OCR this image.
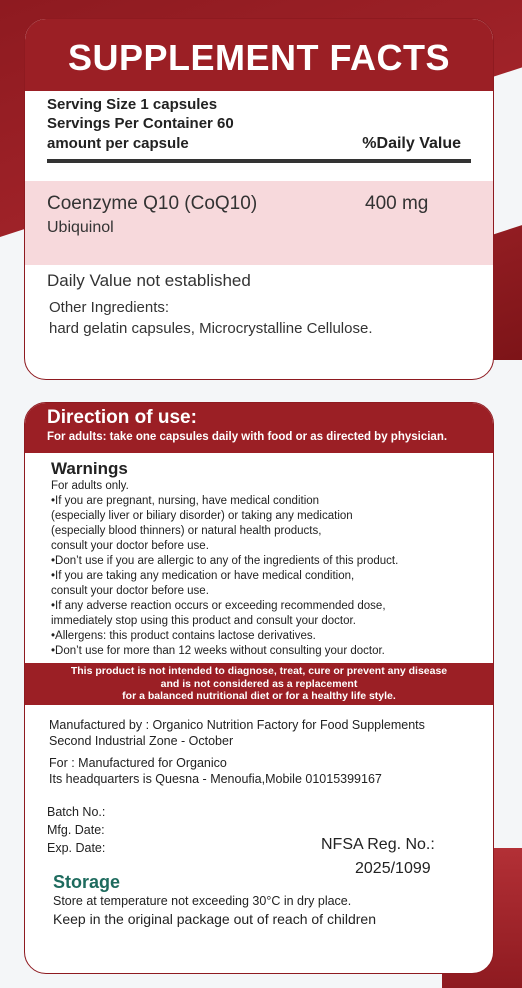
SUPPLEMENT FACTS
Serving Size 1 capsules
Servings Per Container 60
amount per capsule	%Daily Value
Coenzyme Q10 (CoQ10)
Ubiquinol
400 mg
Daily Value not established
Other Ingredients:
hard gelatin capsules, Microcrystalline Cellulose.
Direction of use:
For adults: take one capsules daily with food or as directed by physician.
Warnings
For adults only.
•If you are pregnant, nursing, have medical condition
(especially liver or biliary disorder) or taking any medication
(especially blood thinners) or natural health products,
consult your doctor before use.
•Don’t use if you are allergic to any of the ingredients of this product.
•If you are taking any medication or have medical condition,
consult your doctor before use.
•If any adverse reaction occurs or exceeding recommended dose,
immediately stop using this product and consult your doctor.
•Allergens: this product contains lactose derivatives.
•Don’t use for more than 12 weeks without consulting your doctor.
This product is not intended to diagnose, treat, cure or prevent any disease
and is not considered as a replacement
for a balanced nutritional diet or for a healthy life style.
Manufactured by : Organico Nutrition Factory for Food Supplements
Second Industrial Zone - October
For : Manufactured for Organico
Its headquarters is Quesna - Menoufia,Mobile 01015399167
Batch No.:
Mfg. Date:
Exp. Date:	NFSA Reg. No.:
2025/1099
Storage
Store at temperature not exceeding 30°C in dry place.
Keep in the original package out of reach of children
